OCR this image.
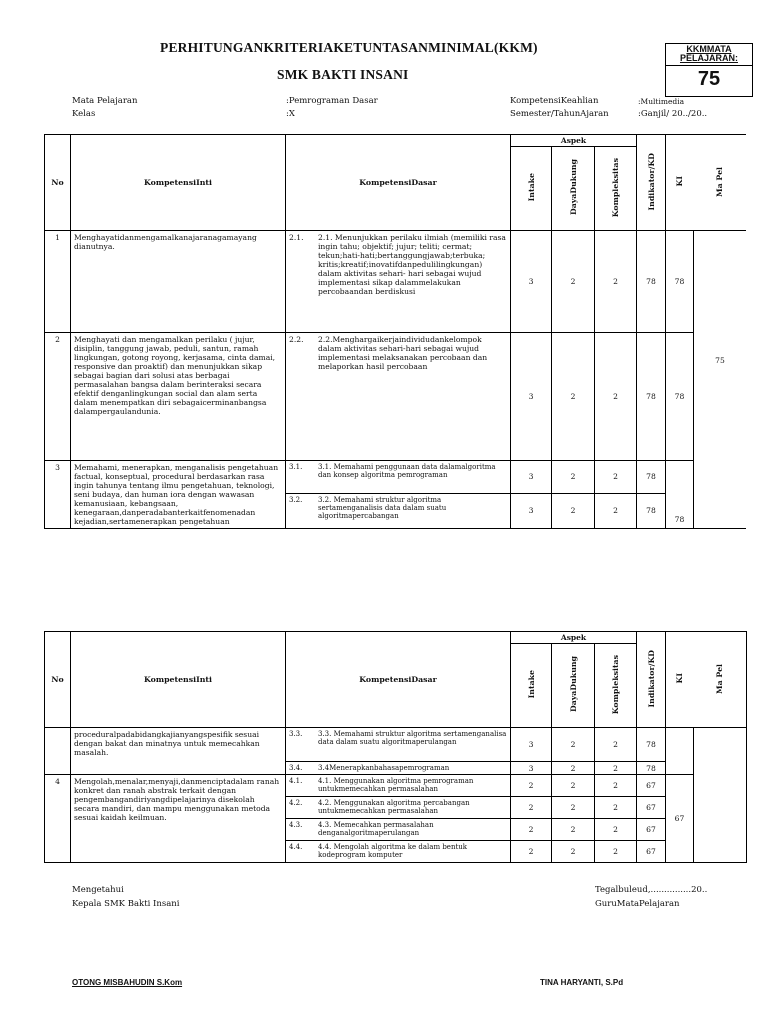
PERHITUNGANKRITERIAKETUNTASANMINIMAL(KKM)
SMK BAKTI INSANI
KKMMATA
PELAJARAN:
75
Mata Pelajaran	:Pemrograman Dasar
Kelas	:X
KompetensiKeahlian	:Multimedia
Semester/TahunAjaran	:Ganjil/ 20../20..
No	KompetensiInti	KompetensiDasar	Aspek			Indikator/KD	KI	Ma Pel
			Intake	DayaDukung	Kompleksitas			
1	Menghayatidanmengamalkanajaranagamayang dianutnya.	2.1. 2.1. Menunjukkan perilaku ilmiah (memiliki rasa ingin tahu; objektif; jujur; teliti; cermat; tekun;hati-hati;bertanggungjawab;terbuka; kritis;kreatif;inovatifdanpedulilingkungan) dalam aktivitas sehari- hari sebagai wujud implementasi sikap dalammelakukan percobaandan berdiskusi	3	2	2	78	78	75
2	Menghayati dan mengamalkan perilaku ( jujur, disiplin, tanggung jawab, peduli, santun, ramah lingkungan, gotong royong, kerjasama, cinta damai, responsive dan proaktif) dan menunjukkan sikap sebagai bagian dari solusi atas berbagai permasalahan bangsa dalam berinteraksi secara efektif denganlingkungan social dan alam serta dalam menempatkan diri sebagaicerminanbangsa dalampergaulandunia.	2.2. 2.2.Menghargaikerjaindividudankelompok dalam aktivitas sehari-hari sebagai wujud implementasi melaksanakan percobaan dan melaporkan hasil percobaan	3	2	2	78	78	
3	Memahami, menerapkan, menganalisis pengetahuan factual, konseptual, procedural berdasarkan rasa ingin tahunya tentang ilmu pengetahuan, teknologi, seni budaya, dan human iora dengan wawasan kemanusiaan, kebangsaan, kenegaraan,danperadabanterkaitfenomenadan kejadian,sertamenerapkan pengetahuan	3.1. 3.1. Memahami penggunaan data dalamalgoritma dan konsep algoritma pemrograman	3	2	2	78	78	
		3.2. 3.2. Memahami struktur algoritma sertamenganalisis data dalam suatu algoritmapercabangan	3	2	2	78		
No	KompetensiInti	KompetensiDasar	Aspek			Indikator/KD	KI	Ma Pel
			Intake	DayaDukung	Kompleksitas			
	proceduralpadabidangkajianyangspesifik sesuai dengan bakat dan minatnya untuk memecahkan masalah.	3.3. 3.3. Memahami struktur algoritma sertamenganalisa data dalam suatu algoritmaperulangan	3	2	2	78		
		3.4. 3.4Menerapkanbahasapemrograman	3	2	2	78		
4	Mengolah,menalar,menyaji,danmenciptadalam ranah konkret dan ranah abstrak terkait dengan pengembangandiriyangdipelajarinya disekolah secara mandiri, dan mampu menggunakan metoda sesuai kaidah keilmuan.	4.1. 4.1. Menggunakan algoritma pemrograman untukmemecahkan permasalahan	2	2	2	67	67	
		4.2. 4.2. Menggunakan algoritma percabangan untukmemecahkan permasalahan	2	2	2	67		
		4.3. 4.3. Memecahkan permasalahan denganalgoritmaperulangan	2	2	2	67		
		4.4. 4.4. Mengolah algoritma ke dalam bentuk kodeprogram komputer	2	2	2	67		
Mengetahui
Kepala SMK Bakti Insani
OTONG MISBAHUDIN S.Kom
Tegalbuleud,...............20..
GuruMataPelajaran
TINA HARYANTI, S.Pd
